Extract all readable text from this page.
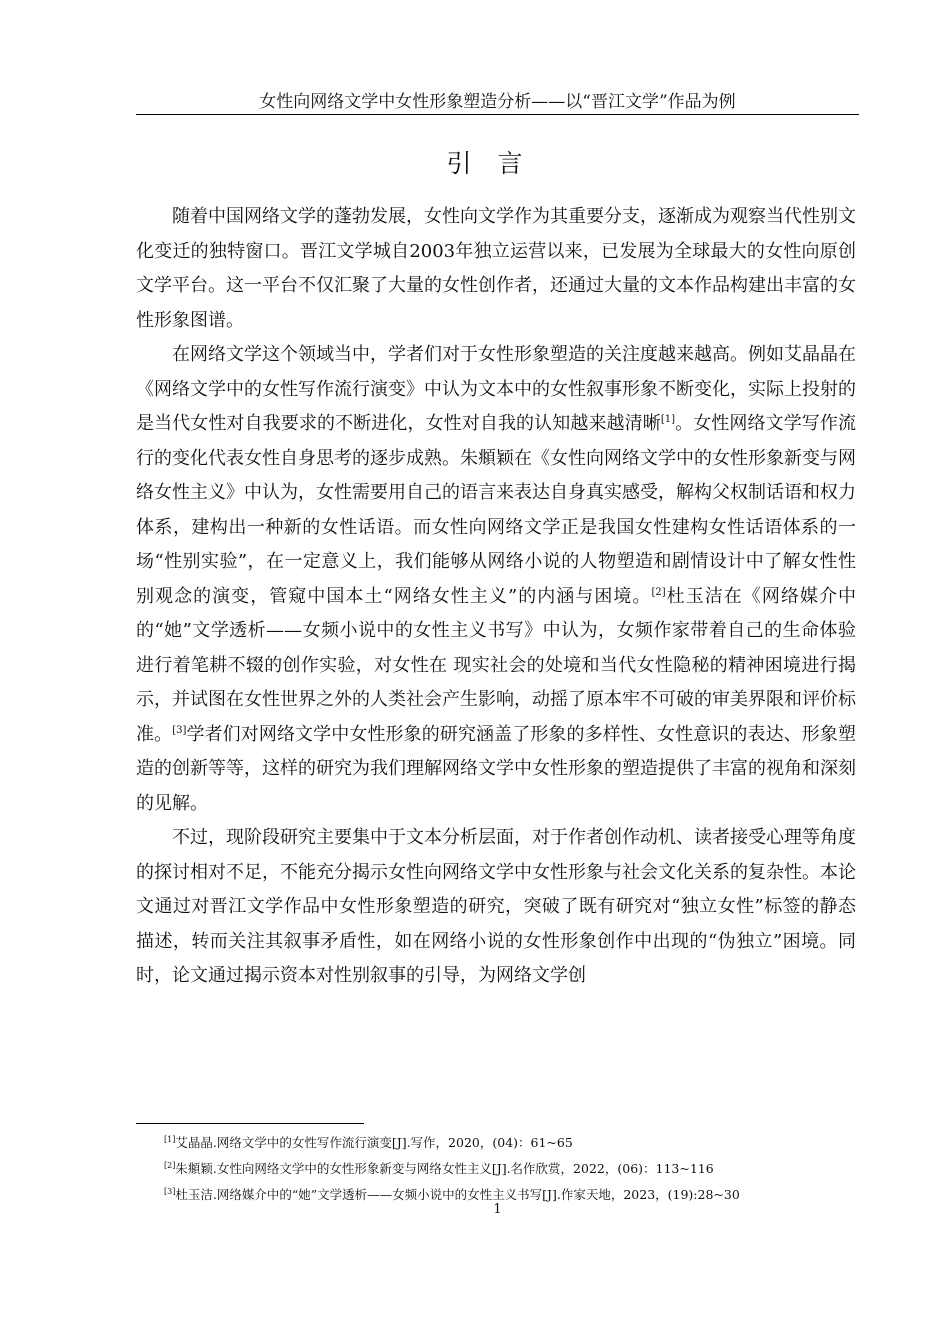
女性向网络文学中女性形象塑造分析——以“晋江文学”作品为例
引言

随着中国网络文学的蓬勃发展，女性向文学作为其重要分支，逐渐成为观察当代性别文化变迁的独特窗口。晋江文学城自2003年独立运营以来，已发展为全球最大的女性向原创文学平台。这一平台不仅汇聚了大量的女性创作者，还通过大量的文本作品构建出丰富的女性形象图谱。

在网络文学这个领域当中，学者们对于女性形象塑造的关注度越来越高。例如艾晶晶在《网络文学中的女性写作流行演变》中认为文本中的女性叙事形象不断变化，实际上投射的是当代女性对自我要求的不断进化，女性对自我的认知越来越清晰[1]。女性网络文学写作流行的变化代表女性自身思考的逐步成熟。朱頫颖在《女性向网络文学中的女性形象新变与网络女性主义》中认为，女性需要用自己的语言来表达自身真实感受，解构父权制话语和权力体系，建构出一种新的女性话语。而女性向网络文学正是我国女性建构女性话语体系的一场“性别实验”，在一定意义上，我们能够从网络小说的人物塑造和剧情设计中了解女性性别观念的演变，管窥中国本土“网络女性主义”的内涵与困境。[2]杜玉洁在《网络媒介中的“她”文学透析——女频小说中的女性主义书写》中认为，女频作家带着自己的生命体验进行着笔耕不辍的创作实验，对女性在 现实社会的处境和当代女性隐秘的精神困境进行揭示，并试图在女性世界之外的人类社会产生影响，动摇了原本牢不可破的审美界限和评价标准。[3]学者们对网络文学中女性形象的研究涵盖了形象的多样性、女性意识的表达、形象塑造的创新等等，这样的研究为我们理解网络文学中女性形象的塑造提供了丰富的视角和深刻的见解。

不过，现阶段研究主要集中于文本分析层面，对于作者创作动机、读者接受心理等角度的探讨相对不足，不能充分揭示女性向网络文学中女性形象与社会文化关系的复杂性。本论文通过对晋江文学作品中女性形象塑造的研究，突破了既有研究对“独立女性”标签的静态描述，转而关注其叙事矛盾性，如在网络小说的女性形象创作中出现的“伪独立”困境。同时，论文通过揭示资本对性别叙事的引导，为网络文学创

[1]艾晶晶.网络文学中的女性写作流行演变[J].写作，2020，(04)：61~65
[2]朱頫颖.女性向网络文学中的女性形象新变与网络女性主义[J].名作欣赏，2022，(06)：113~116
[3]杜玉洁.网络媒介中的“她”文学透析——女频小说中的女性主义书写[J].作家天地，2023，(19):28~30
1
